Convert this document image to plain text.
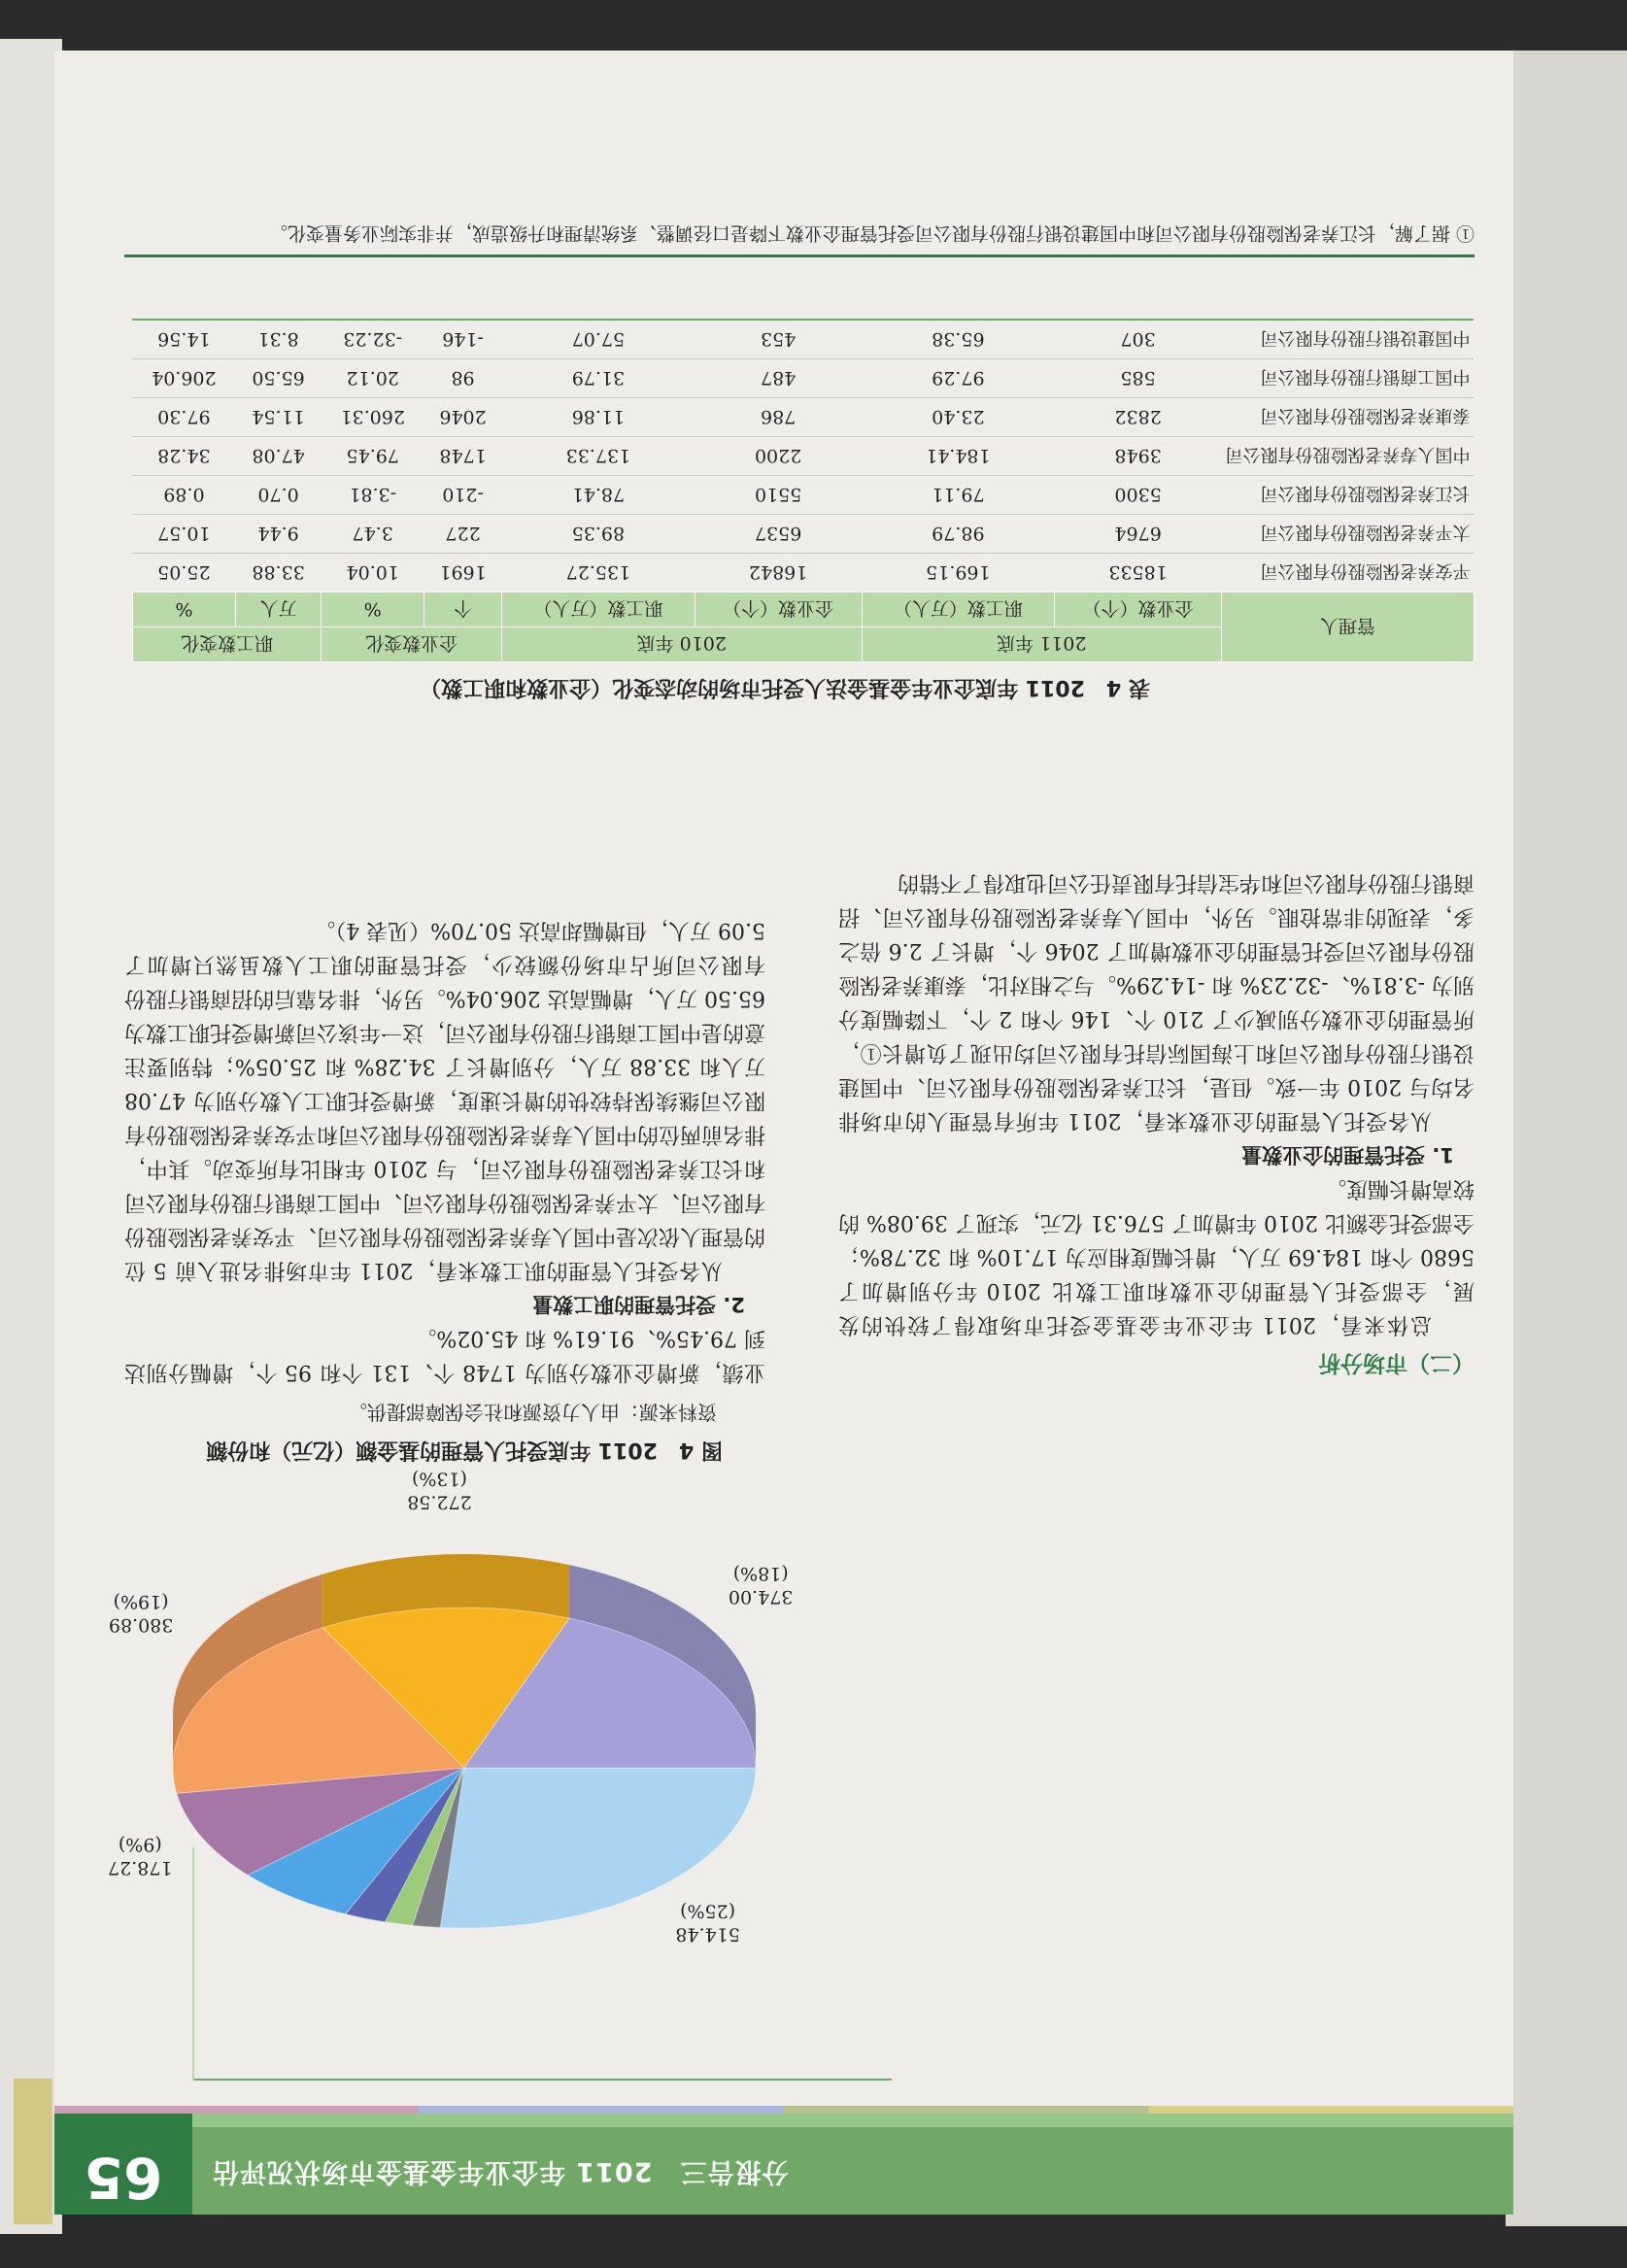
65	分报告三　2011 年企业年金基金市场状况评估
514.48
(25%)
178.27
(9%)
380.89
(19%)
272.58
(13%)
374.00
(18%)
图 4　2011 年底受托人管理的基金额（亿元）和份额
资料来源：由人力资源和社会保障部提供。
（二）市场分析

总体来看，2011 年企业年金基金受托市场取得了较快的发展，全部受托人管理的企业数和职工数比 2010 年分别增加了 5680 个和 184.69 万人，增长幅度相应为 17.10% 和 32.78%；全部受托金额比 2010 年增加了 576.31 亿元，实现了 39.08% 的较高增长幅度。

1. 受托管理的企业数量

从各受托人管理的企业数来看，2011 年所有管理人的市场排名均与 2010 年一致。但是，长江养老保险股份有限公司、中国建设银行股份有限公司和上海国际信托有限公司均出现了负增长①，所管理的企业数分别减少了 210 个、146 个和 2 个，下降幅度分别为 -3.81%、-32.23% 和 -14.29%。与之相对比，泰康养老保险股份有限公司受托管理的企业数增加了 2046 个，增长了 2.6 倍之多，表现的非常抢眼。另外，中国人寿养老保险股份有限公司、招商银行股份有限公司和华宝信托有限责任公司也取得了不错的

业绩，新增企业数分别为 1748 个、131 个和 95 个，增幅分别达到 79.45%、91.61% 和 45.02%。

2. 受托管理的职工数量

从各受托人管理的职工数来看，2011 年市场排名进入前 5 位的管理人依次是中国人寿养老保险股份有限公司、平安养老保险股份有限公司、太平养老保险股份有限公司、中国工商银行股份有限公司和长江养老保险股份有限公司，与 2010 年相比有所变动。其中，排名前两位的中国人寿养老保险股份有限公司和平安养老保险股份有限公司继续保持较快的增长速度，新增受托职工人数分别为 47.08 万人和 33.88 万人，分别增长了 34.28% 和 25.05%；特别要注意的是中国工商银行股份有限公司，这一年该公司新增受托职工数为 65.50 万人，增幅高达 206.04%。另外，排名靠后的招商银行股份有限公司所占市场份额较少，受托管理的职工人数虽然只增加了 5.09 万人，但增幅却高达 50.70%（见表 4）。

表 4　2011 年底企业年金基金法人受托市场的动态变化（企业数和职工数）
管理人	2011 年底		2010 年底		企业数变化		职工数变化	
	企业数（个）	职工数（万人）	企业数（个）	职工数（万人）	个	%	万人	%
平安养老保险股份有限公司	18533	169.15	16842	135.27	1691	10.04	33.88	25.05
太平养老保险股份有限公司	6764	98.79	6537	89.35	227	3.47	9.44	10.57
长江养老保险股份有限公司	5300	79.11	5510	78.41	-210	-3.81	0.70	0.89
中国人寿养老保险股份有限公司	3948	184.41	2200	137.33	1748	79.45	47.08	34.28
泰康养老保险股份有限公司	2832	23.40	786	11.86	2046	260.31	11.54	97.30
中国工商银行股份有限公司	585	97.29	487	31.79	98	20.12	65.50	206.04
中国建设银行股份有限公司	307	65.38	453	57.07	-146	-32.23	8.31	14.56
① 据了解，长江养老保险股份有限公司和中国建设银行股份有限公司受托管理企业数下降是口径调整、系统清理和升级造成，并非实际业务量变化。
